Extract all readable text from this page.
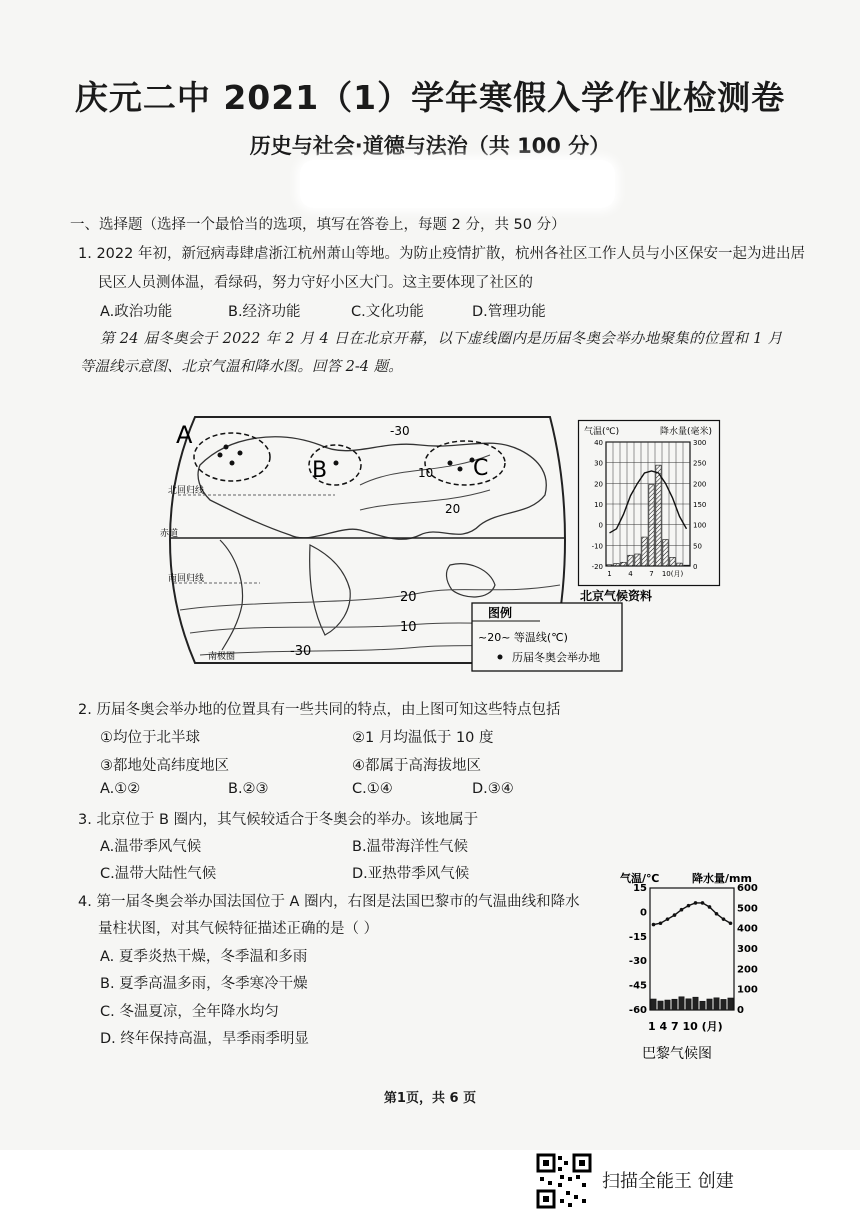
庆元二中 2021（1）学年寒假入学作业检测卷
历史与社会·道德与法治（共 100 分）
一、选择题（选择一个最恰当的选项，填写在答卷上，每题 2 分，共 50 分）
1. 2022 年初，新冠病毒肆虐浙江杭州萧山等地。为防止疫情扩散，杭州各社区工作人员与小区保安一起为进出居
民区人员测体温，看绿码，努力守好小区大门。这主要体现了社区的
A.政治功能	B.经济功能	C.文化功能	D.管理功能
第 24 届冬奥会于 2022 年 2 月 4 日在北京开幕，以下虚线圈内是历届冬奥会举办地聚集的位置和 1 月
等温线示意图、北京气温和降水图。回答 2-4 题。
A
B	C
-30
10
20
20
10
-30
北回归线
赤道
南回归线
南极圈
图例
~20~ 等温线(℃)
历届冬奥会举办地
气温(℃)	降水量(毫米)
-20
-10
0
10
20
30
40
0
50
100
150
200
250
300
1 4 7 10(月)
北京气候资料
2. 历届冬奥会举办地的位置具有一些共同的特点，由上图可知这些特点包括
①均位于北半球	②1 月均温低于 10 度
③都地处高纬度地区	④都属于高海拔地区
A.①②	B.②③	C.①④	D.③④
3. 北京位于 B 圈内，其气候较适合于冬奥会的举办。该地属于
A.温带季风气候	B.温带海洋性气候
C.温带大陆性气候	D.亚热带季风气候
4. 第一届冬奥会举办国法国位于 A 圈内，右图是法国巴黎市的气温曲线和降水
量柱状图，对其气候特征描述正确的是（ ）
A. 夏季炎热干燥，冬季温和多雨
B. 夏季高温多雨，冬季寒冷干燥
C. 冬温夏凉，全年降水均匀
D. 终年保持高温，旱季雨季明显
气温/℃	降水量/mm
-60
-45
-30
-15
0
15
0
100
200
300
400
500
600
1 4 7 10 (月)
巴黎气候图
第1页，共 6 页
扫描全能王 创建
